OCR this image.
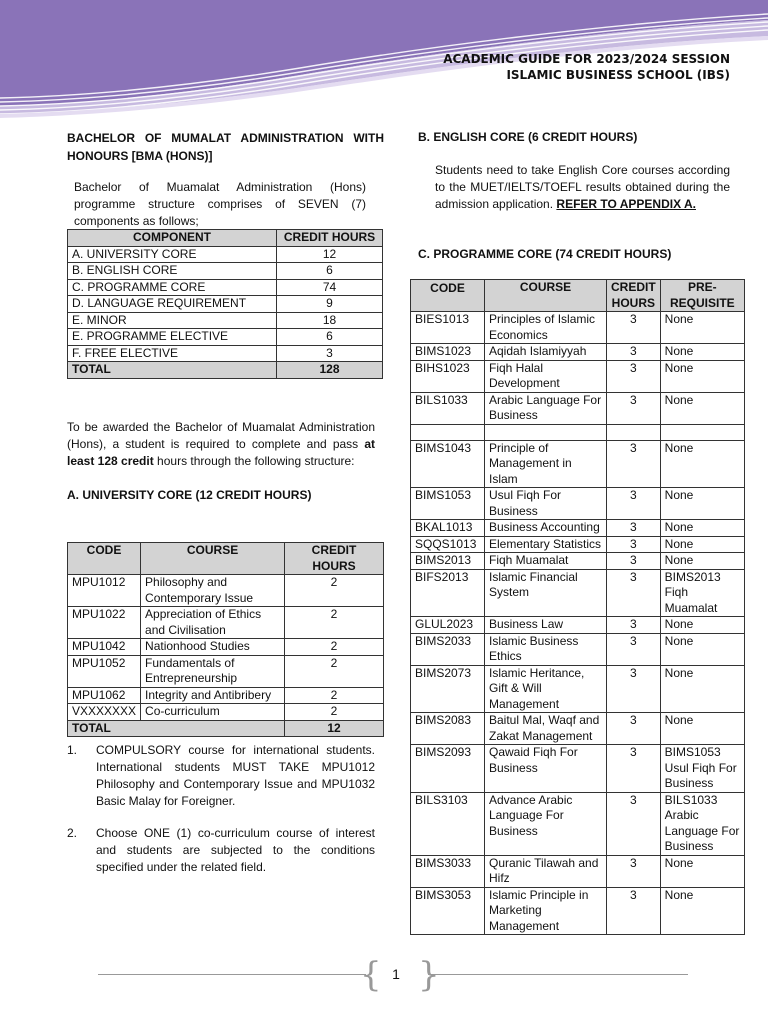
ACADEMIC GUIDE FOR 2023/2024 SESSION ISLAMIC BUSINESS SCHOOL (IBS)
BACHELOR OF MUMALAT ADMINISTRATION WITH HONOURS [BMA (HONS)]
Bachelor of Muamalat Administration (Hons) programme structure comprises of SEVEN (7) components as follows;
COMPONENT	CREDIT HOURS
A. UNIVERSITY CORE	12
B. ENGLISH CORE	6
C. PROGRAMME CORE	74
D. LANGUAGE REQUIREMENT	9
E. MINOR	18
E. PROGRAMME ELECTIVE	6
F. FREE ELECTIVE	3
TOTAL	128
To be awarded the Bachelor of Muamalat Administration (Hons), a student is required to complete and pass at least 128 credit hours through the following structure:
A. UNIVERSITY CORE (12 CREDIT HOURS)
CODE	COURSE	CREDIT HOURS
MPU1012	Philosophy and Contemporary Issue	2
MPU1022	Appreciation of Ethics and Civilisation	2
MPU1042	Nationhood Studies	2
MPU1052	Fundamentals of Entrepreneurship	2
MPU1062	Integrity and Antibribery	2
VXXXXXXX	Co-curriculum	2
TOTAL		12
1. COMPULSORY course for international students. International students MUST TAKE MPU1012 Philosophy and Contemporary Issue and MPU1032 Basic Malay for Foreigner.
2. Choose ONE (1) co-curriculum course of interest and students are subjected to the conditions specified under the related field.
B. ENGLISH CORE (6 CREDIT HOURS)
Students need to take English Core courses according to the MUET/IELTS/TOEFL results obtained during the admission application. REFER TO APPENDIX A.
C. PROGRAMME CORE (74 CREDIT HOURS)
CODE	COURSE	CREDIT HOURS	PRE-REQUISITE
BIES1013	Principles of Islamic Economics	3	None
BIMS1023	Aqidah Islamiyyah	3	None
BIHS1023	Fiqh Halal Development	3	None
BILS1033	Arabic Language For Business	3	None

BIMS1043	Principle of Management in Islam	3	None
BIMS1053	Usul Fiqh For Business	3	None
BKAL1013	Business Accounting	3	None
SQQS1013	Elementary Statistics	3	None
BIMS2013	Fiqh Muamalat	3	None
BIFS2013	Islamic Financial System	3	BIMS2013 Fiqh Muamalat
GLUL2023	Business Law	3	None
BIMS2033	Islamic Business Ethics	3	None
BIMS2073	Islamic Heritance, Gift & Will Management	3	None
BIMS2083	Baitul Mal, Waqf and Zakat Management	3	None
BIMS2093	Qawaid Fiqh For Business	3	BIMS1053 Usul Fiqh For Business
BILS3103	Advance Arabic Language For Business	3	BILS1033 Arabic Language For Business
BIMS3033	Quranic Tilawah and Hifz	3	None
BIMS3053	Islamic Principle in Marketing Management	3	None
{ }
1
